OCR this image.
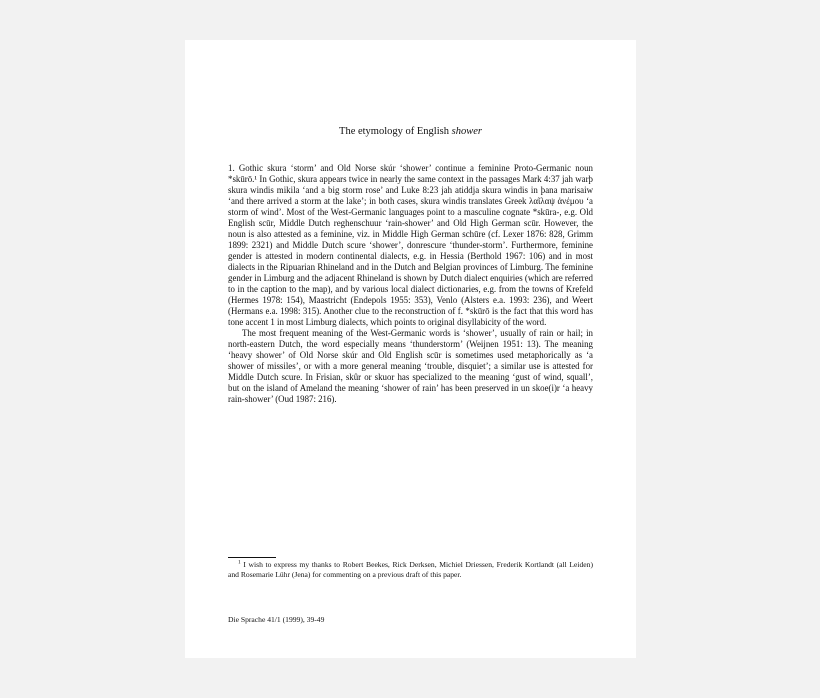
The etymology of English shower

1. Gothic skura ‘storm’ and Old Norse skúr ‘shower’ continue a feminine Proto-Germanic noun *skūrō.¹ In Gothic, skura appears twice in nearly the same context in the passages Mark 4:37 jah warþ skura windis mikila ‘and a big storm rose’ and Luke 8:23 jah atiddja skura windis in þana marisaiw ‘and there arrived a storm at the lake’; in both cases, skura windis translates Greek λαῖλαψ ἀνέμου ‘a storm of wind’. Most of the West-Germanic languages point to a masculine cognate *skūra-, e.g. Old English scūr, Middle Dutch reghenschuur ‘rain-shower’ and Old High German scūr. However, the noun is also attested as a feminine, viz. in Middle High German schūre (cf. Lexer 1876: 828, Grimm 1899: 2321) and Middle Dutch scure ‘shower’, donrescure ‘thunder-storm’. Furthermore, feminine gender is attested in modern continental dialects, e.g. in Hessia (Berthold 1967: 106) and in most dialects in the Ripuarian Rhineland and in the Dutch and Belgian provinces of Limburg. The feminine gender in Limburg and the adjacent Rhineland is shown by Dutch dialect enquiries (which are referred to in the caption to the map), and by various local dialect dictionaries, e.g. from the towns of Krefeld (Hermes 1978: 154), Maastricht (Endepols 1955: 353), Venlo (Alsters e.a. 1993: 236), and Weert (Hermans e.a. 1998: 315). Another clue to the reconstruction of f. *skūrō is the fact that this word has tone accent 1 in most Limburg dialects, which points to original disyllabicity of the word.

The most frequent meaning of the West-Germanic words is ‘shower’, usually of rain or hail; in north-eastern Dutch, the word especially means ‘thunderstorm’ (Weijnen 1951: 13). The meaning ‘heavy shower’ of Old Norse skúr and Old English scūr is sometimes used metaphorically as ‘a shower of missiles’, or with a more general meaning ‘trouble, disquiet’; a similar use is attested for Middle Dutch scure. In Frisian, skûr or skuor has specialized to the meaning ‘gust of wind, squall’, but on the island of Ameland the meaning ‘shower of rain’ has been preserved in un skoe(i)r ‘a heavy rain-shower’ (Oud 1987: 216).

$^1$ I wish to express my thanks to Robert Beekes, Rick Derksen, Michiel Driessen, Frederik Kortlandt (all Leiden) and Rosemarie Lühr (Jena) for commenting on a previous draft of this paper.
Die Sprache 41/1 (1999), 39-49
